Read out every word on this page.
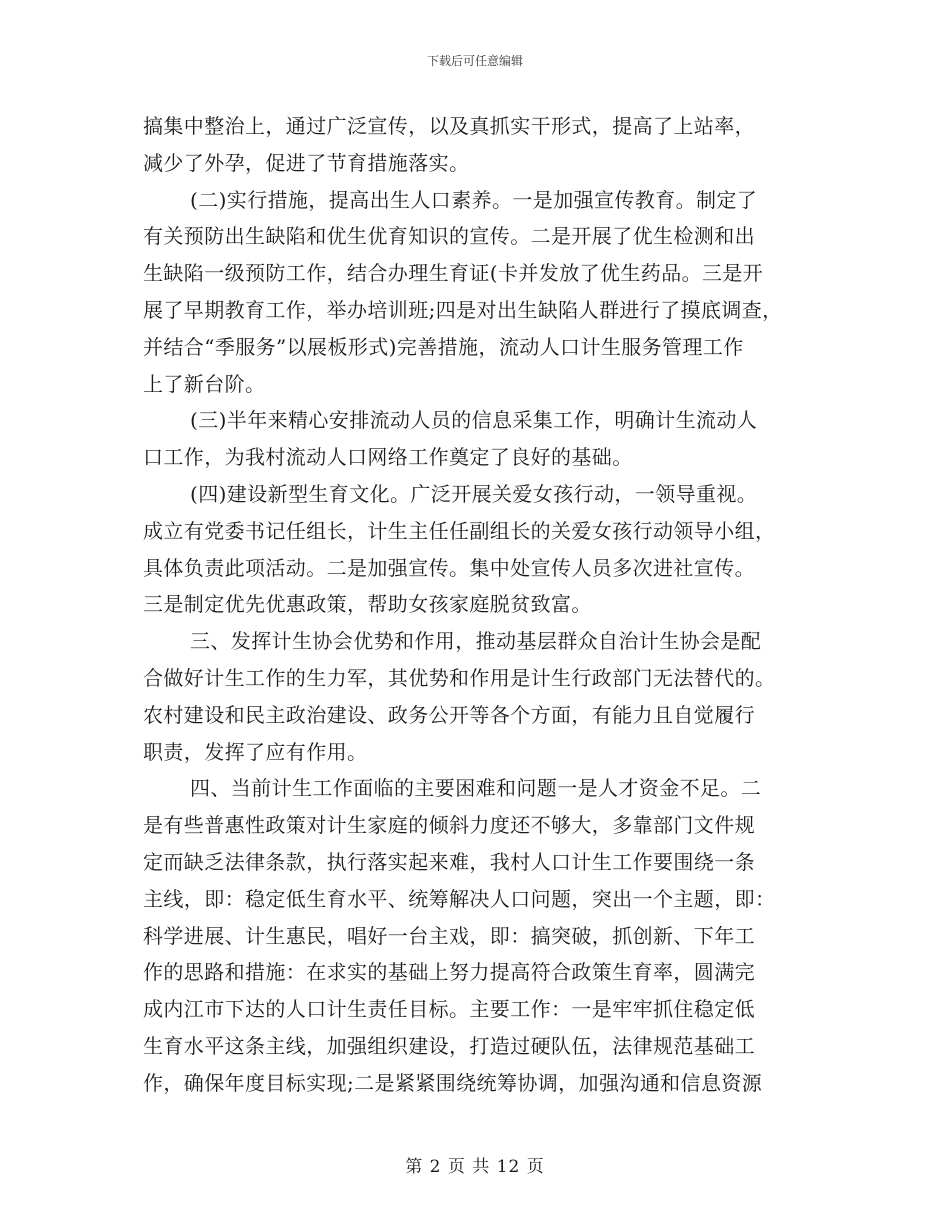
下载后可任意编辑

搞集中整治上，通过广泛宣传，以及真抓实干形式，提高了上站率，
减少了外孕，促进了节育措施落实。

(二)实行措施，提高出生人口素养。一是加强宣传教育。制定了
有关预防出生缺陷和优生优育知识的宣传。二是开展了优生检测和出
生缺陷一级预防工作，结合办理生育证(卡并发放了优生药品。三是开
展了早期教育工作，举办培训班;四是对出生缺陷人群进行了摸底调查，
并结合“季服务”以展板形式)完善措施，流动人口计生服务管理工作
上了新台阶。

(三)半年来精心安排流动人员的信息采集工作，明确计生流动人
口工作，为我村流动人口网络工作奠定了良好的基础。

(四)建设新型生育文化。广泛开展关爱女孩行动，一领导重视。
成立有党委书记任组长，计生主任任副组长的关爱女孩行动领导小组，
具体负责此项活动。二是加强宣传。集中处宣传人员多次进社宣传。
三是制定优先优惠政策，帮助女孩家庭脱贫致富。

三、发挥计生协会优势和作用，推动基层群众自治计生协会是配
合做好计生工作的生力军，其优势和作用是计生行政部门无法替代的。
农村建设和民主政治建设、政务公开等各个方面，有能力且自觉履行
职责，发挥了应有作用。

四、当前计生工作面临的主要困难和问题一是人才资金不足。二
是有些普惠性政策对计生家庭的倾斜力度还不够大，多靠部门文件规
定而缺乏法律条款，执行落实起来难，我村人口计生工作要围绕一条
主线，即：稳定低生育水平、统筹解决人口问题，突出一个主题，即：
科学进展、计生惠民，唱好一台主戏，即：搞突破，抓创新、下年工
作的思路和措施：在求实的基础上努力提高符合政策生育率，圆满完
成内江市下达的人口计生责任目标。主要工作：一是牢牢抓住稳定低
生育水平这条主线，加强组织建设，打造过硬队伍，法律规范基础工
作，确保年度目标实现;二是紧紧围绕统筹协调，加强沟通和信息资源

第 2 页 共 12 页
